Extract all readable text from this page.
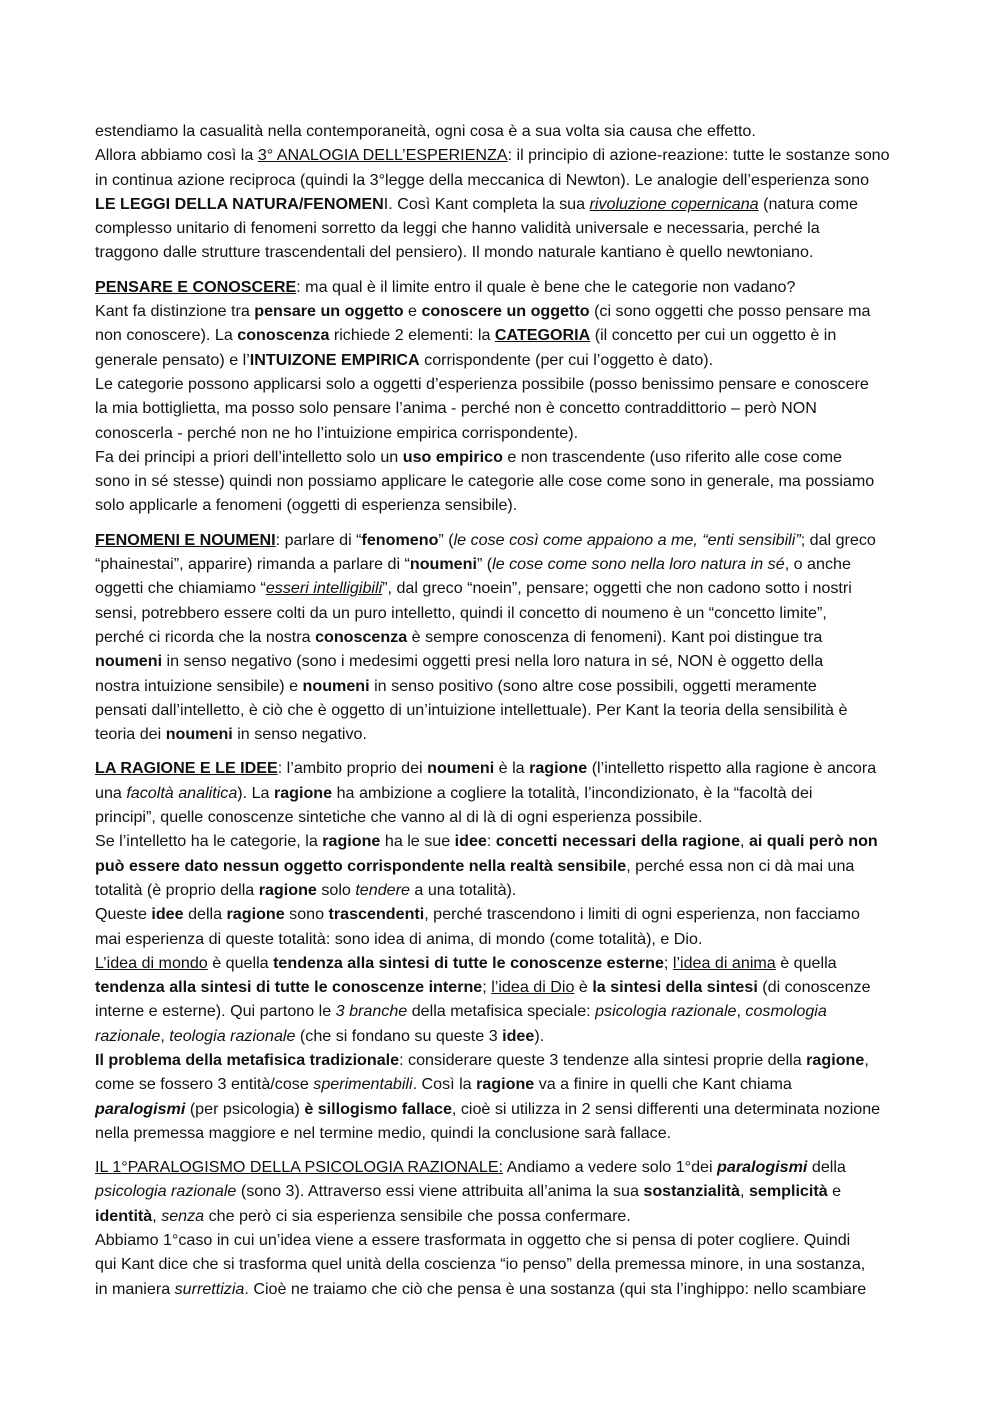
estendiamo la casualità nella contemporaneità, ogni cosa è a sua volta sia causa che effetto.
Allora abbiamo così la 3° ANALOGIA DELL’ESPERIENZA: il principio di azione-reazione: tutte le sostanze sono
in continua azione reciproca (quindi la 3°legge della meccanica di Newton). Le analogie dell’esperienza sono
LE LEGGI DELLA NATURA/FENOMENI. Così Kant completa la sua rivoluzione copernicana (natura come
complesso unitario di fenomeni sorretto da leggi che hanno validità universale e necessaria, perché la
traggono dalle strutture trascendentali del pensiero). Il mondo naturale kantiano è quello newtoniano.
PENSARE E CONOSCERE: ma qual è il limite entro il quale è bene che le categorie non vadano?
Kant fa distinzione tra pensare un oggetto e conoscere un oggetto (ci sono oggetti che posso pensare ma
non conoscere). La conoscenza richiede 2 elementi: la CATEGORIA (il concetto per cui un oggetto è in
generale pensato) e l’INTUIZONE EMPIRICA corrispondente (per cui l’oggetto è dato).
Le categorie possono applicarsi solo a oggetti d’esperienza possibile (posso benissimo pensare e conoscere
la mia bottiglietta, ma posso solo pensare l’anima - perché non è concetto contraddittorio – però NON
conoscerla - perché non ne ho l’intuizione empirica corrispondente).
Fa dei principi a priori dell’intelletto solo un uso empirico e non trascendente (uso riferito alle cose come
sono in sé stesse) quindi non possiamo applicare le categorie alle cose come sono in generale, ma possiamo
solo applicarle a fenomeni (oggetti di esperienza sensibile).
FENOMENI E NOUMENI: parlare di “fenomeno” (le cose così come appaiono a me, “enti sensibili”; dal greco
“phainestai”, apparire) rimanda a parlare di “noumeni” (le cose come sono nella loro natura in sé, o anche
oggetti che chiamiamo “esseri intelligibili”, dal greco “noein”, pensare; oggetti che non cadono sotto i nostri
sensi, potrebbero essere colti da un puro intelletto, quindi il concetto di noumeno è un “concetto limite”,
perché ci ricorda che la nostra conoscenza è sempre conoscenza di fenomeni). Kant poi distingue tra
noumeni in senso negativo (sono i medesimi oggetti presi nella loro natura in sé, NON è oggetto della
nostra intuizione sensibile) e noumeni in senso positivo (sono altre cose possibili, oggetti meramente
pensati dall’intelletto, è ciò che è oggetto di un’intuizione intellettuale). Per Kant la teoria della sensibilità è
teoria dei noumeni in senso negativo.
LA RAGIONE E LE IDEE: l’ambito proprio dei noumeni è la ragione (l’intelletto rispetto alla ragione è ancora
una facoltà analitica). La ragione ha ambizione a cogliere la totalità, l’incondizionato, è la “facoltà dei
principi”, quelle conoscenze sintetiche che vanno al di là di ogni esperienza possibile.
Se l’intelletto ha le categorie, la ragione ha le sue idee: concetti necessari della ragione, ai quali però non
può essere dato nessun oggetto corrispondente nella realtà sensibile, perché essa non ci dà mai una
totalità (è proprio della ragione solo tendere a una totalità).
Queste idee della ragione sono trascendenti, perché trascendono i limiti di ogni esperienza, non facciamo
mai esperienza di queste totalità: sono idea di anima, di mondo (come totalità), e Dio.
L’idea di mondo è quella tendenza alla sintesi di tutte le conoscenze esterne; l’idea di anima è quella
tendenza alla sintesi di tutte le conoscenze interne; l’idea di Dio è la sintesi della sintesi (di conoscenze
interne e esterne). Qui partono le 3 branche della metafisica speciale: psicologia razionale, cosmologia
razionale, teologia razionale (che si fondano su queste 3 idee).
Il problema della metafisica tradizionale: considerare queste 3 tendenze alla sintesi proprie della ragione,
come se fossero 3 entità/cose sperimentabili. Così la ragione va a finire in quelli che Kant chiama
paralogismi (per psicologia) è sillogismo fallace, cioè si utilizza in 2 sensi differenti una determinata nozione
nella premessa maggiore e nel termine medio, quindi la conclusione sarà fallace.
IL 1°PARALOGISMO DELLA PSICOLOGIA RAZIONALE: Andiamo a vedere solo 1°dei paralogismi della
psicologia razionale (sono 3). Attraverso essi viene attribuita all’anima la sua sostanzialità, semplicità e
identità, senza che però ci sia esperienza sensibile che possa confermare.
Abbiamo 1°caso in cui un’idea viene a essere trasformata in oggetto che si pensa di poter cogliere. Quindi
qui Kant dice che si trasforma quel unità della coscienza “io penso” della premessa minore, in una sostanza,
in maniera surrettizia. Cioè ne traiamo che ciò che pensa è una sostanza (qui sta l’inghippo: nello scambiare
